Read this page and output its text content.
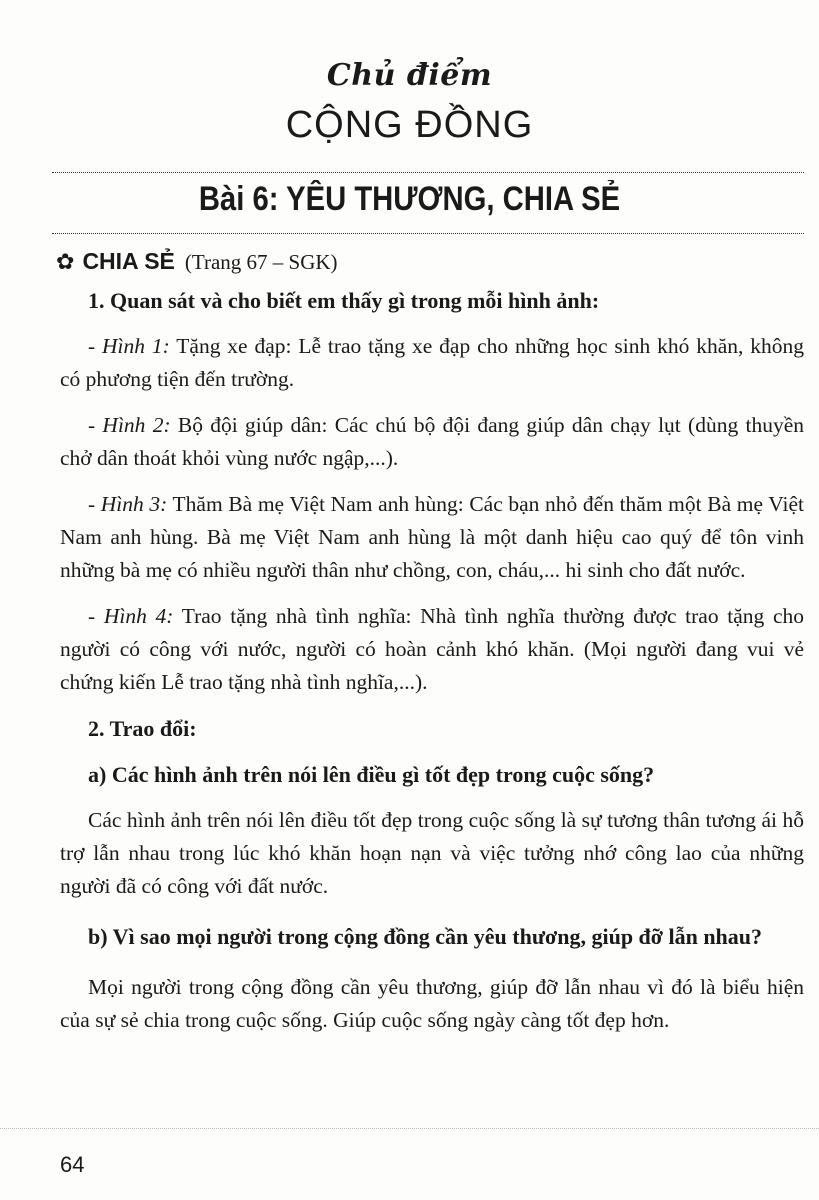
Chủ điểm
CỘNG ĐỒNG
Bài 6: YÊU THƯƠNG, CHIA SẺ
✿ CHIA SẺ (Trang 67 – SGK)

1. Quan sát và cho biết em thấy gì trong mỗi hình ảnh:

- Hình 1: Tặng xe đạp: Lễ trao tặng xe đạp cho những học sinh khó khăn, không có phương tiện đến trường.

- Hình 2: Bộ đội giúp dân: Các chú bộ đội đang giúp dân chạy lụt (dùng thuyền chở dân thoát khỏi vùng nước ngập,...).

- Hình 3: Thăm Bà mẹ Việt Nam anh hùng: Các bạn nhỏ đến thăm một Bà mẹ Việt Nam anh hùng. Bà mẹ Việt Nam anh hùng là một danh hiệu cao quý để tôn vinh những bà mẹ có nhiều người thân như chồng, con, cháu,... hi sinh cho đất nước.

- Hình 4: Trao tặng nhà tình nghĩa: Nhà tình nghĩa thường được trao tặng cho người có công với nước, người có hoàn cảnh khó khăn. (Mọi người đang vui vẻ chứng kiến Lễ trao tặng nhà tình nghĩa,...).

2. Trao đổi:

a) Các hình ảnh trên nói lên điều gì tốt đẹp trong cuộc sống?

Các hình ảnh trên nói lên điều tốt đẹp trong cuộc sống là sự tương thân tương ái hỗ trợ lẫn nhau trong lúc khó khăn hoạn nạn và việc tưởng nhớ công lao của những người đã có công với đất nước.

b) Vì sao mọi người trong cộng đồng cần yêu thương, giúp đỡ lẫn nhau?

Mọi người trong cộng đồng cần yêu thương, giúp đỡ lẫn nhau vì đó là biểu hiện của sự sẻ chia trong cuộc sống. Giúp cuộc sống ngày càng tốt đẹp hơn.

64
